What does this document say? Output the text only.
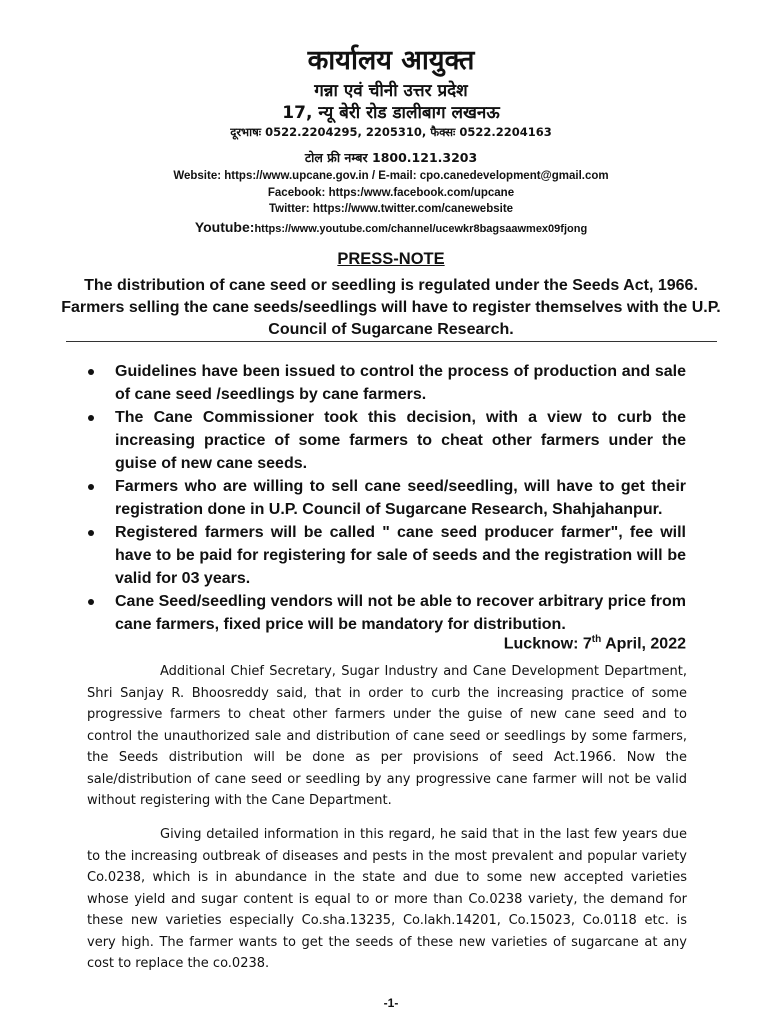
कार्यालय आयुक्त
गन्ना एवं चीनी उत्तर प्रदेश
17, न्यू बेरी रोड डालीबाग लखनऊ
दूरभाषः 0522.2204295, 2205310, फैक्सः 0522.2204163
टोल फ्री नम्बर 1800.121.3203
Website: https://www.upcane.gov.in / E-mail: cpo.canedevelopment@gmail.com
Facebook: https:/www.facebook.com/upcane
Twitter: https://www.twitter.com/canewebsite
Youtube:https://www.youtube.com/channel/ucewkr8bagsaawmex09fjong
PRESS-NOTE
The distribution of cane seed or seedling is regulated under the Seeds Act, 1966. Farmers selling the cane seeds/seedlings will have to register themselves with the U.P. Council of Sugarcane Research.
Guidelines have been issued to control the process of production and sale of cane seed /seedlings by cane farmers.
The Cane Commissioner took this decision, with a view to curb the increasing practice of some farmers to cheat other farmers under the guise of new cane seeds.
Farmers who are willing to sell cane seed/seedling, will have to get their registration done in U.P. Council of Sugarcane Research, Shahjahanpur.
Registered farmers will be called " cane seed producer farmer", fee will have to be paid for registering for sale of seeds and the registration will be valid for 03 years.
Cane Seed/seedling vendors will not be able to recover arbitrary price from cane farmers, fixed price will be mandatory for distribution.
Lucknow: 7th April, 2022

Additional Chief Secretary, Sugar Industry and Cane Development Department, Shri Sanjay R. Bhoosreddy said, that in order to curb the increasing practice of some progressive farmers to cheat other farmers under the guise of new cane seed and to control the unauthorized sale and distribution of cane seed or seedlings by some farmers, the Seeds distribution will be done as per provisions of seed Act.1966. Now the sale/distribution of cane seed or seedling by any progressive cane farmer will not be valid without registering with the Cane Department.

Giving detailed information in this regard, he said that in the last few years due to the increasing outbreak of diseases and pests in the most prevalent and popular variety Co.0238, which is in abundance in the state and due to some new accepted varieties whose yield and sugar content is equal to or more than Co.0238 variety, the demand for these new varieties especially Co.sha.13235, Co.lakh.14201, Co.15023, Co.0118 etc. is very high. The farmer wants to get the seeds of these new varieties of sugarcane at any cost to replace the co.0238.

-1-
